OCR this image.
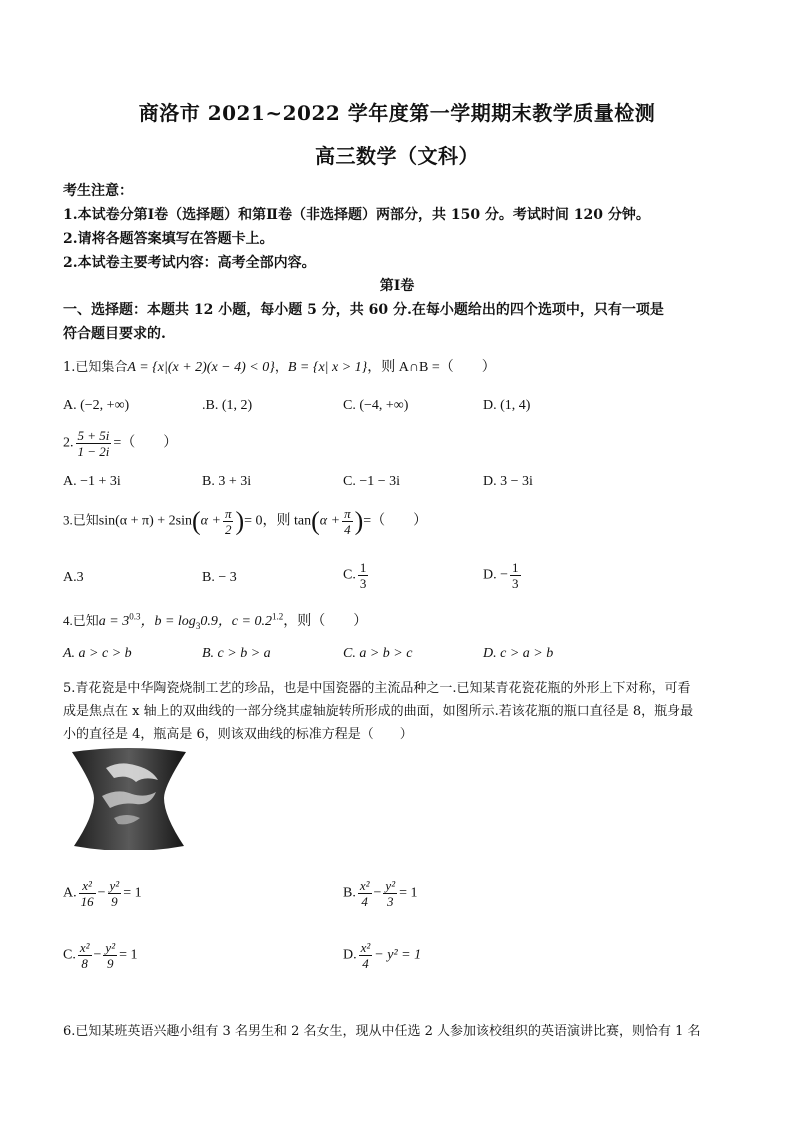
商洛市 2021~2022 学年度第一学期期末教学质量检测
高三数学（文科）
考生注意：
1.本试卷分第Ⅰ卷（选择题）和第Ⅱ卷（非选择题）两部分，共 150 分。考试时间 120 分钟。
2.请将各题答案填写在答题卡上。
2.本试卷主要考试内容：高考全部内容。
第Ⅰ卷
一、选择题：本题共 12 小题，每小题 5 分，共 60 分.在每小题给出的四个选项中，只有一项是
符合题目要求的.
1.已知集合A = {x|(x + 2)(x − 4) < 0}，B = {x| x > 1}，则 A∩B =（　　）
A. (−2, +∞)	.B. (1, 2)	C. (−4, +∞)	D. (1, 4)
2. $\frac{5 + 5i}{1 - 2i}$ =（　　）
A. −1 + 3i	B. 3 + 3i	C. −1 − 3i	D. 3 − 3i
3.已知$\sin(\alpha + \pi) + 2\sin(\alpha + \frac{\pi}{2}$ )= 0，则 $\tan(\alpha + \frac{\pi}{4}$ )=（　　）
A.3	B. − 3	C. $\frac{1}{3}$	D. − $\frac{1}{3}$
4.已知$a = 3^{0.3}$，$b = \log_30.9$，$c = 0.2^{1.2}$，则（　　）
A. a > c > b	B. c > b > a	C. a > b > c	D. c > a > b
5.青花瓷是中华陶瓷烧制工艺的珍品，也是中国瓷器的主流品种之一.已知某青花瓷花瓶的外形上下对称，可看
成是焦点在 x 轴上的双曲线的一部分绕其虚轴旋转所形成的曲面，如图所示.若该花瓶的瓶口直径是 8，瓶身最
小的直径是 4，瓶高是 6，则该双曲线的标准方程是（　　）
A. $\frac{\text{x²}}{16} - \frac{\text{y²}}{9} = 1$	B. $\frac{\text{x²}}{4} - \frac{\text{y²}}{3} = 1$
C. $\frac{\text{x²}}{8} - \frac{\text{y²}}{9} = 1$	D. $\frac{\text{x²}}{4} - y^2 = 1$
6.已知某班英语兴趣小组有 3 名男生和 2 名女生，现从中任选 2 人参加该校组织的英语演讲比赛，则恰有 1 名
